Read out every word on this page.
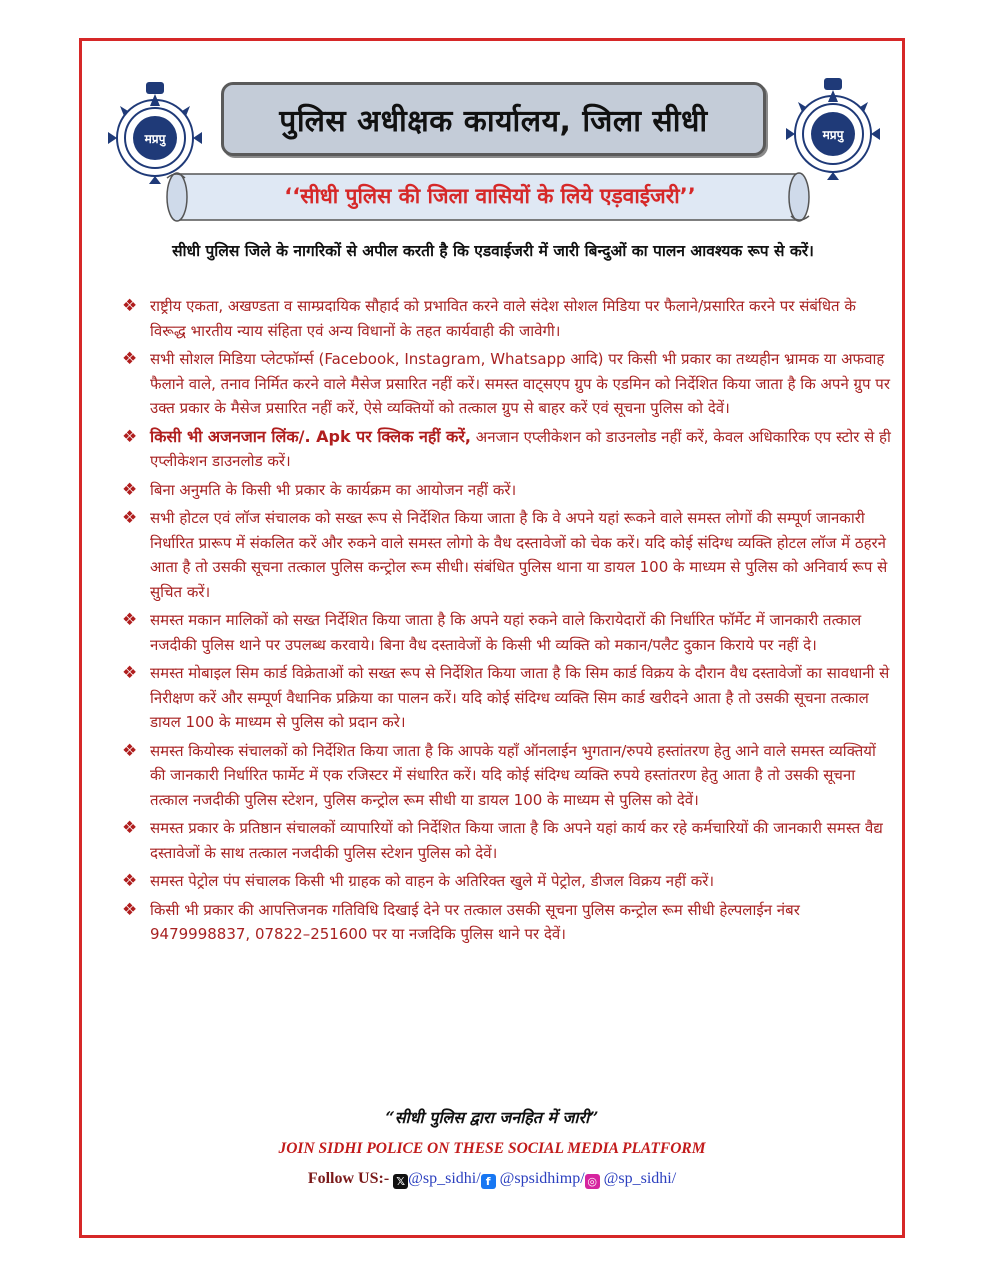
मप्रपु	मप्रपु
पुलिस अधीक्षक कार्यालय, जिला सीधी
‘‘सीधी पुलिस की जिला वासियों के लिये एड़वाईजरी’’
सीधी पुलिस जिले के नागरिकों से अपील करती है कि एडवाईजरी में जारी बिन्दुओं का पालन आवश्यक रूप से करें।
❖ राष्ट्रीय एकता, अखण्डता व साम्प्रदायिक सौहार्द को प्रभावित करने वाले संदेश सोशल मिडिया पर फैलाने/प्रसारित करने पर संबंधित के विरूद्ध भारतीय न्याय संहिता एवं अन्य विधानों के तहत कार्यवाही की जावेगी।
❖ सभी सोशल मिडिया प्लेटफॉर्म्स (Facebook, Instagram, Whatsapp आदि) पर किसी भी प्रकार का तथ्यहीन भ्रामक या अफवाह फैलाने वाले, तनाव निर्मित करने वाले मैसेज प्रसारित नहीं करें। समस्त वाट्सएप ग्रुप के एडमिन को निर्देशित किया जाता है कि अपने ग्रुप पर उक्त प्रकार के मैसेज प्रसारित नहीं करें, ऐसे व्यक्तियों को तत्काल ग्रुप से बाहर करें एवं सूचना पुलिस को देवें।
❖ किसी भी अजनजान लिंक/. Apk पर क्लिक नहीं करें, अनजान एप्लीकेशन को डाउनलोड नहीं करें, केवल अधिकारिक एप स्टोर से ही एप्लीकेशन डाउनलोड करें।
❖ बिना अनुमति के किसी भी प्रकार के कार्यक्रम का आयोजन नहीं करें।
❖ सभी होटल एवं लॉज संचालक को सख्त रूप से निर्देशित किया जाता है कि वे अपने यहां रूकने वाले समस्त लोगों की सम्पूर्ण जानकारी निर्धारित प्रारूप में संकलित करें और रुकने वाले समस्त लोगो के वैध दस्तावेजों को चेक करें। यदि कोई संदिग्ध व्यक्ति होटल लॉज में ठहरने आता है तो उसकी सूचना तत्काल पुलिस कन्ट्रोल रूम सीधी। संबंधित पुलिस थाना या डायल 100 के माध्यम से पुलिस को अनिवार्य रूप से सुचित करें।
❖ समस्त मकान मालिकों को सख्त निर्देशित किया जाता है कि अपने यहां रुकने वाले किरायेदारों की निर्धारित फॉर्मेट में जानकारी तत्काल नजदीकी पुलिस थाने पर उपलब्ध करवाये। बिना वैध दस्तावेजों के किसी भी व्यक्ति को मकान/पलैट दुकान किराये पर नहीं दे।
❖ समस्त मोबाइल सिम कार्ड विक्रेताओं को सख्त रूप से निर्देशित किया जाता है कि सिम कार्ड विक्रय के दौरान वैध दस्तावेजों का सावधानी से निरीक्षण करें और सम्पूर्ण वैधानिक प्रक्रिया का पालन करें। यदि कोई संदिग्ध व्यक्ति सिम कार्ड खरीदने आता है तो उसकी सूचना तत्काल डायल 100 के माध्यम से पुलिस को प्रदान करे।
❖ समस्त कियोस्क संचालकों को निर्देशित किया जाता है कि आपके यहाँ ऑनलाईन भुगतान/रुपये हस्तांतरण हेतु आने वाले समस्त व्यक्तियों की जानकारी निर्धारित फार्मेट में एक रजिस्टर में संधारित करें। यदि कोई संदिग्ध व्यक्ति रुपये हस्तांतरण हेतु आता है तो उसकी सूचना तत्काल नजदीकी पुलिस स्टेशन, पुलिस कन्ट्रोल रूम सीधी या डायल 100 के माध्यम से पुलिस को देवें।
❖ समस्त प्रकार के प्रतिष्ठान संचालकों व्यापारियों को निर्देशित किया जाता है कि अपने यहां कार्य कर रहे कर्मचारियों की जानकारी समस्त वैद्य दस्तावेजों के साथ तत्काल नजदीकी पुलिस स्टेशन पुलिस को देवें।
❖ समस्त पेट्रोल पंप संचालक किसी भी ग्राहक को वाहन के अतिरिक्त खुले में पेट्रोल, डीजल विक्रय नहीं करें।
❖ किसी भी प्रकार की आपत्तिजनक गतिविधि दिखाई देने पर तत्काल उसकी सूचना पुलिस कन्ट्रोल रूम सीधी हेल्पलाईन नंबर 9479998837, 07822–251600 पर या नजदिकि पुलिस थाने पर देवें।
“सीधी पुलिस द्वारा जनहित में जारी”
JOIN SIDHI POLICE ON THESE SOCIAL MEDIA PLATFORM
Follow US:- 𝕏 @sp_sidhi/ f @spsidhimp/ ◎ @sp_sidhi/
